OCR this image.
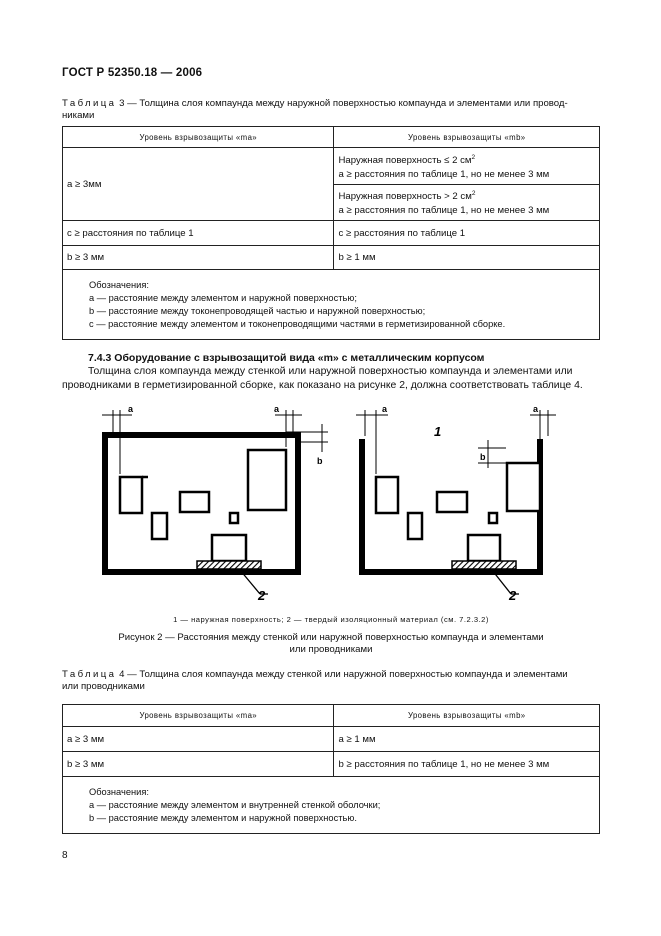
ГОСТ Р 52350.18 — 2006
Таблица 3 — Толщина слоя компаунда между наружной поверхностью компаунда и элементами или провод-
никами
Уровень взрывозащиты «ma»	Уровень взрывозащиты «mb»
a ≥ 3мм	Наружная поверхность ≤ 2 $см^2$
a ≥ расстояния по таблице 1, но не менее 3 мм
	Наружная поверхность > 2 $см^2$
a ≥ расстояния по таблице 1, но не менее 3 мм
c ≥ расстояния по таблице 1	c ≥ расстояния по таблице 1
b ≥ 3 мм	b ≥ 1 мм

Обозначения:
a — расстояние между элементом и наружной поверхностью;
b — расстояние между токонепроводящей частью и наружной поверхностью;
c — расстояние между элементом и токонепроводящими частями в герметизированной сборке.	
7.4.3 Оборудование с взрывозащитой вида «m» с металлическим корпусом
Толщина слоя компаунда между стенкой или наружной поверхностью компаунда и элементами или проводниками в герметизированной сборке, как показано на рисунке 2, должна соответствовать таблице 4.
a	a
b
2
1
a	a
b
2
1 — наружная поверхность; 2 — твердый изоляционный материал (см. 7.2.3.2)
Рисунок 2 — Расстояния между стенкой или наружной поверхностью компаунда и элементами
или проводниками
Таблица 4 — Толщина слоя компаунда между стенкой или наружной поверхностью компаунда и элементами
или проводниками
Уровень взрывозащиты «ma»	Уровень взрывозащиты «mb»
a ≥ 3 мм	a ≥ 1 мм
b ≥ 3 мм	b ≥ расстояния по таблице 1, но не менее 3 мм

Обозначения:
a — расстояние между элементом и внутренней стенкой оболочки;
b — расстояние между элементом и наружной поверхностью.	
8
